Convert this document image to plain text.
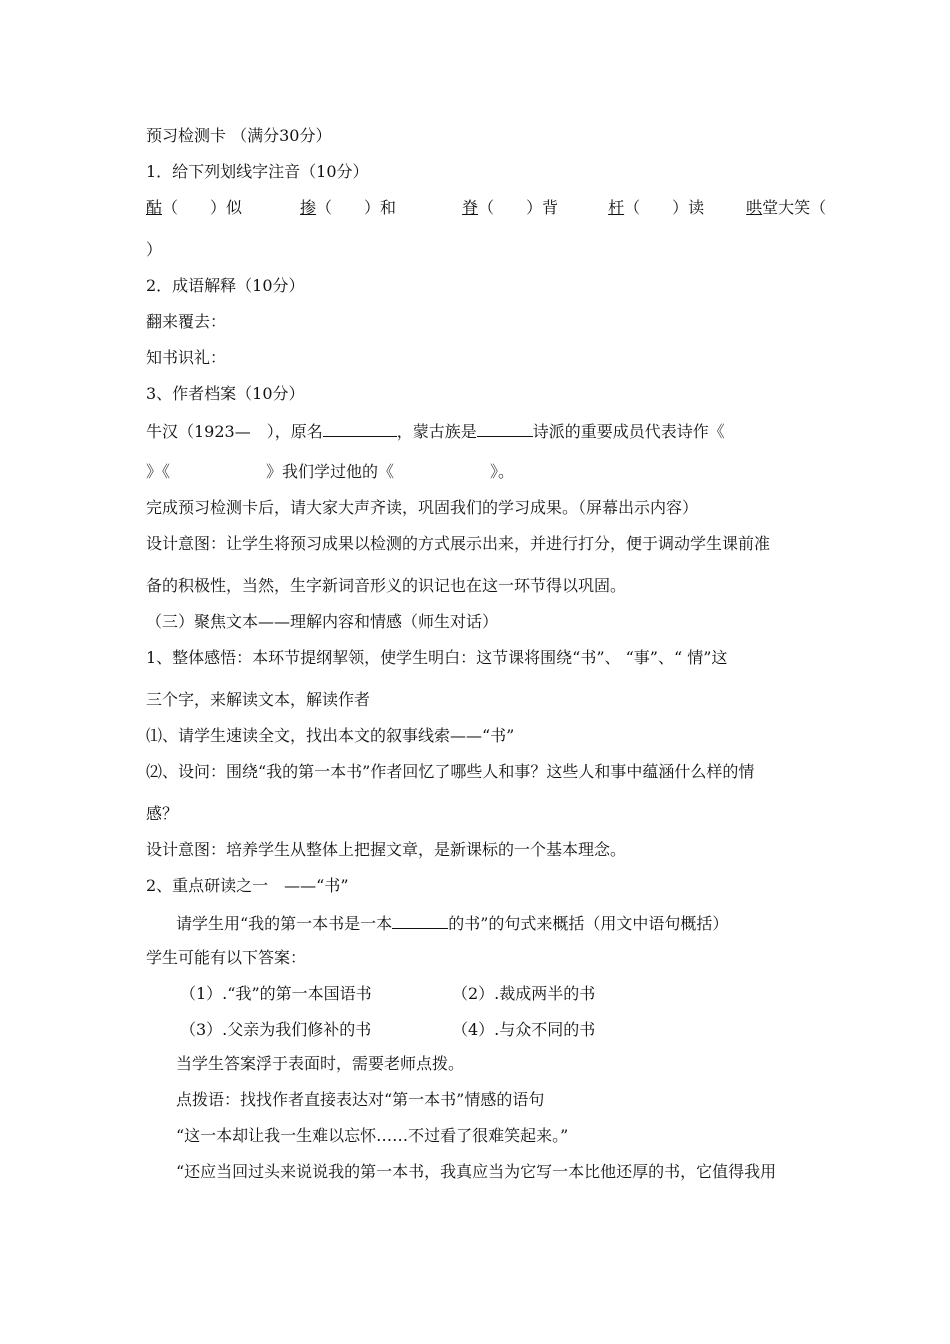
预习检测卡 （满分30分）
1．给下列划线字注音（10分）
酤（　　）似	掺（　　）和	脊（　　）背	杆（　　）读	哄堂大笑（
）
2．成语解释（10分）
翻来覆去：
知书识礼：
3、作者档案（10分）
牛汉（1923—　），原名	，蒙古族是	诗派的重要成员代表诗作《
》《　　　　　　》我们学过他的《　　　　　　》。
完成预习检测卡后，请大家大声齐读，巩固我们的学习成果。（屏幕出示内容）
设计意图：让学生将预习成果以检测的方式展示出来，并进行打分，便于调动学生课前准
备的积极性，当然，生字新词音形义的识记也在这一环节得以巩固。
（三）聚焦文本——理解内容和情感（师生对话）
1、整体感悟：本环节提纲挈领，使学生明白：这节课将围绕“书”、 “事”、“ 情”这
三个字，来解读文本，解读作者
⑴、请学生速读全文，找出本文的叙事线索——“书”
⑵、设问：围绕“我的第一本书”作者回忆了哪些人和事？这些人和事中蕴涵什么样的情
感？
设计意图：培养学生从整体上把握文章，是新课标的一个基本理念。
2、重点研读之一　——“书”
请学生用“我的第一本书是一本	的书”的句式来概括（用文中语句概括）
学生可能有以下答案：
（1）.“我”的第一本国语书	（2）.裁成两半的书
（3）.父亲为我们修补的书	（4）.与众不同的书
当学生答案浮于表面时，需要老师点拨。
点拨语：找找作者直接表达对“第一本书”情感的语句
“这一本却让我一生难以忘怀……不过看了很难笑起来。”
“还应当回过头来说说我的第一本书，我真应当为它写一本比他还厚的书，它值得我用
